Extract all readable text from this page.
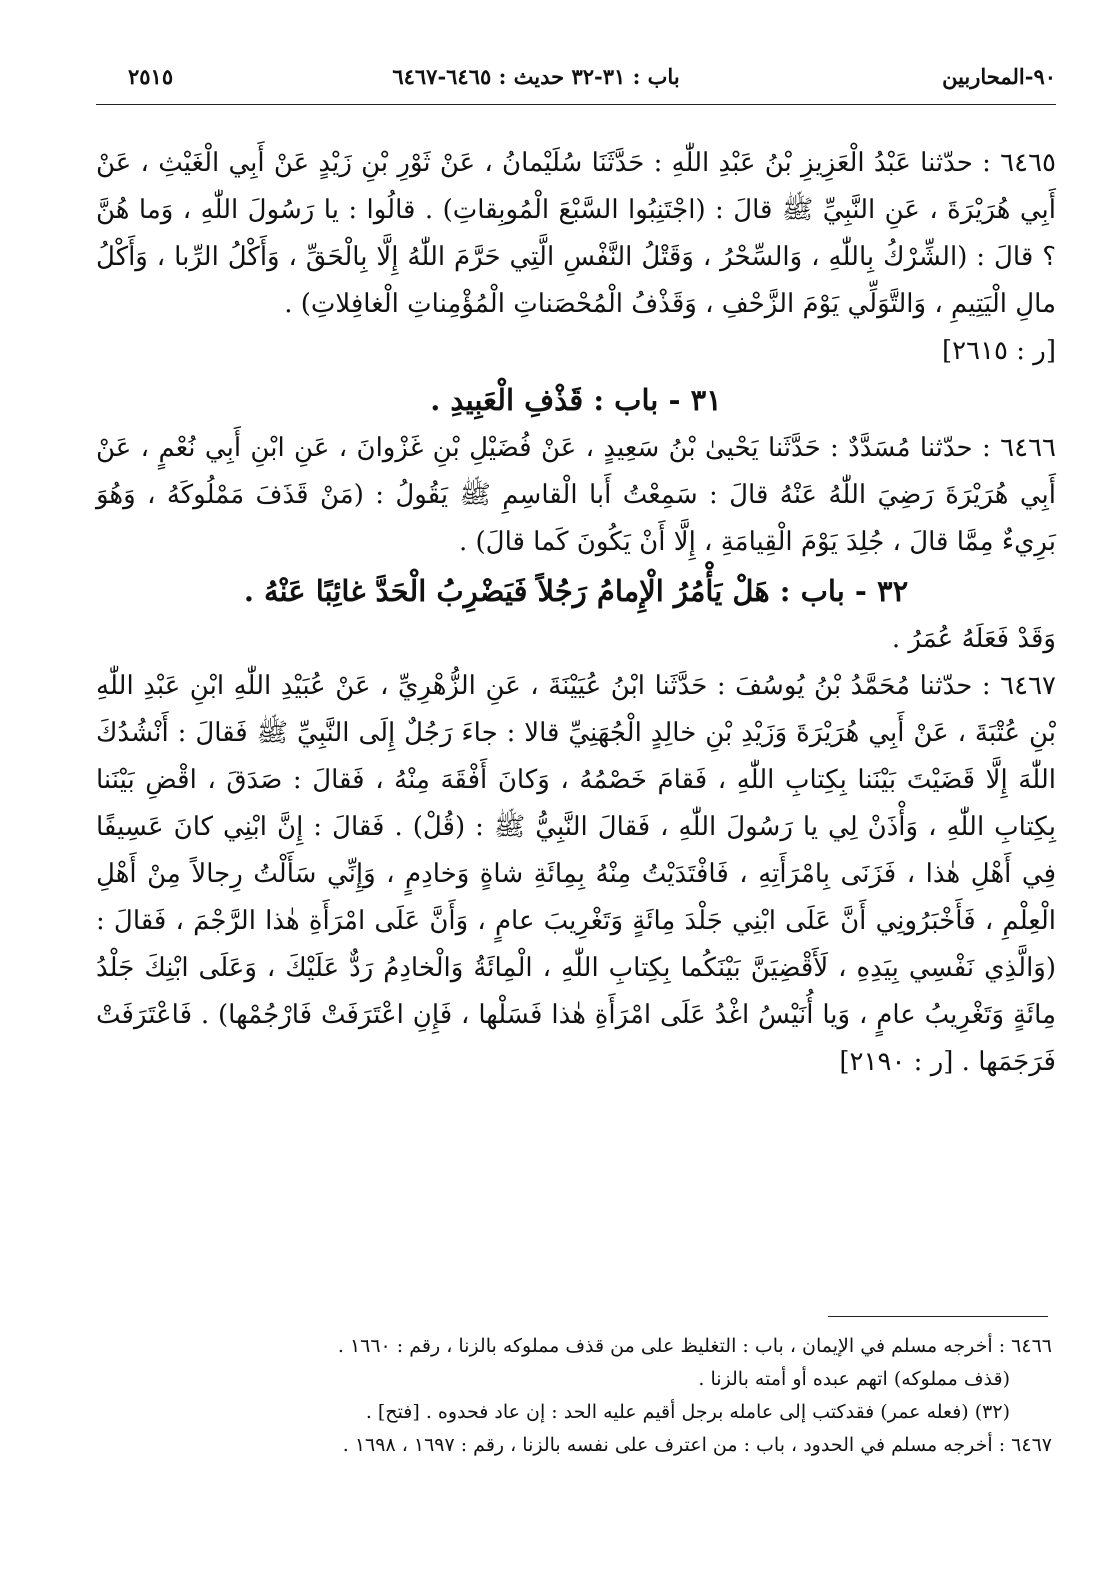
٩٠-المحاربين
باب : ٣١-٣٢ حديث : ٦٤٦٥-٦٤٦٧
٢٥١٥

٦٤٦٥ : حدّثنا عَبْدُ الْعَزِيزِ بْنُ عَبْدِ اللّٰهِ : حَدَّثَنَا سُلَيْمانُ ، عَنْ ثَوْرِ بْنِ زَيْدٍ عَنْ أَبِي الْغَيْثِ ، عَنْ أَبِي هُرَيْرَةَ ، عَنِ النَّبِيِّ ﷺ قالَ : (اجْتَنِبُوا السَّبْعَ الْمُوبِقاتِ) . قالُوا : يا رَسُولَ اللّٰهِ ، وَما هُنَّ ؟ قالَ : (الشِّرْكُ بِاللّٰهِ ، وَالسِّحْرُ ، وَقَتْلُ النَّفْسِ الَّتِي حَرَّمَ اللّٰهُ إِلَّا بِالْحَقِّ ، وَأَكْلُ الرِّبا ، وَأَكْلُ مالِ الْيَتِيمِ ، وَالتَّوَلِّي يَوْمَ الزَّحْفِ ، وَقَذْفُ الْمُحْصَناتِ الْمُؤْمِناتِ الْغافِلاتِ) .

[ر : ٢٦١٥]

٣١ - باب : قَذْفِ الْعَبِيدِ .

٦٤٦٦ : حدّثنا مُسَدَّدٌ : حَدَّثَنا يَحْيىٰ بْنُ سَعِيدٍ ، عَنْ فُضَيْلِ بْنِ غَزْوانَ ، عَنِ ابْنِ أَبِي نُعْمٍ ، عَنْ أَبِي هُرَيْرَةَ رَضِيَ اللّٰهُ عَنْهُ قالَ : سَمِعْتُ أَبا الْقاسِمِ ﷺ يَقُولُ : (مَنْ قَذَفَ مَمْلُوكَهُ ، وَهُوَ بَرِيءٌ مِمَّا قالَ ، جُلِدَ يَوْمَ الْقِيامَةِ ، إِلَّا أَنْ يَكُونَ كَما قالَ) .

٣٢ - باب : هَلْ يَأْمُرُ الْإِمامُ رَجُلاً فَيَضْرِبُ الْحَدَّ غائِبًا عَنْهُ .

وَقَدْ فَعَلَهُ عُمَرُ .

٦٤٦٧ : حدّثنا مُحَمَّدُ بْنُ يُوسُفَ : حَدَّثَنا ابْنُ عُيَيْنَةَ ، عَنِ الزُّهْرِيِّ ، عَنْ عُبَيْدِ اللّٰهِ ابْنِ عَبْدِ اللّٰهِ بْنِ عُتْبَةَ ، عَنْ أَبِي هُرَيْرَةَ وَزَيْدِ بْنِ خالِدٍ الْجُهَنِيِّ قالا : جاءَ رَجُلٌ إِلَى النَّبِيِّ ﷺ فَقالَ : أَنْشُدُكَ اللّٰهَ إِلَّا قَضَيْتَ بَيْنَنا بِكِتابِ اللّٰهِ ، فَقامَ خَصْمُهُ ، وَكانَ أَفْقَهَ مِنْهُ ، فَقالَ : صَدَقَ ، اقْضِ بَيْنَنا بِكِتابِ اللّٰهِ ، وَأْذَنْ لِي يا رَسُولَ اللّٰهِ ، فَقالَ النَّبِيُّ ﷺ : (قُلْ) . فَقالَ : إِنَّ ابْنِي كانَ عَسِيفًا فِي أَهْلِ هٰذا ، فَزَنَى بِامْرَأَتِهِ ، فَافْتَدَيْتُ مِنْهُ بِمِائَةِ شاةٍ وَخادِمٍ ، وَإِنِّي سَأَلْتُ رِجالاً مِنْ أَهْلِ الْعِلْمِ ، فَأَخْبَرُونِي أَنَّ عَلَى ابْنِي جَلْدَ مِائَةٍ وَتَغْرِيبَ عامٍ ، وَأَنَّ عَلَى امْرَأَةِ هٰذا الرَّجْمَ ، فَقالَ : (وَالَّذِي نَفْسِي بِيَدِهِ ، لَأَقْضِيَنَّ بَيْنَكُما بِكِتابِ اللّٰهِ ، الْمِائَةُ وَالْخادِمُ رَدٌّ عَلَيْكَ ، وَعَلَى ابْنِكَ جَلْدُ مِائَةٍ وَتَغْرِيبُ عامٍ ، وَيا أُنَيْسُ اغْدُ عَلَى امْرَأَةِ هٰذا فَسَلْها ، فَإِنِ اعْتَرَفَتْ فَارْجُمْها) . فَاعْتَرَفَتْ فَرَجَمَها . [ر : ٢١٩٠]

٦٤٦٦ : أخرجه مسلم في الإيمان ، باب : التغليظ على من قذف مملوكه بالزنا ، رقم : ١٦٦٠ .

(قذف مملوكه) اتهم عبده أو أمته بالزنا .

(٣٢) (فعله عمر) فقدكتب إلى عامله برجل أقيم عليه الحد : إن عاد فحدوه . [فتح] .

٦٤٦٧ : أخرجه مسلم في الحدود ، باب : من اعترف على نفسه بالزنا ، رقم : ١٦٩٧ ، ١٦٩٨ .
